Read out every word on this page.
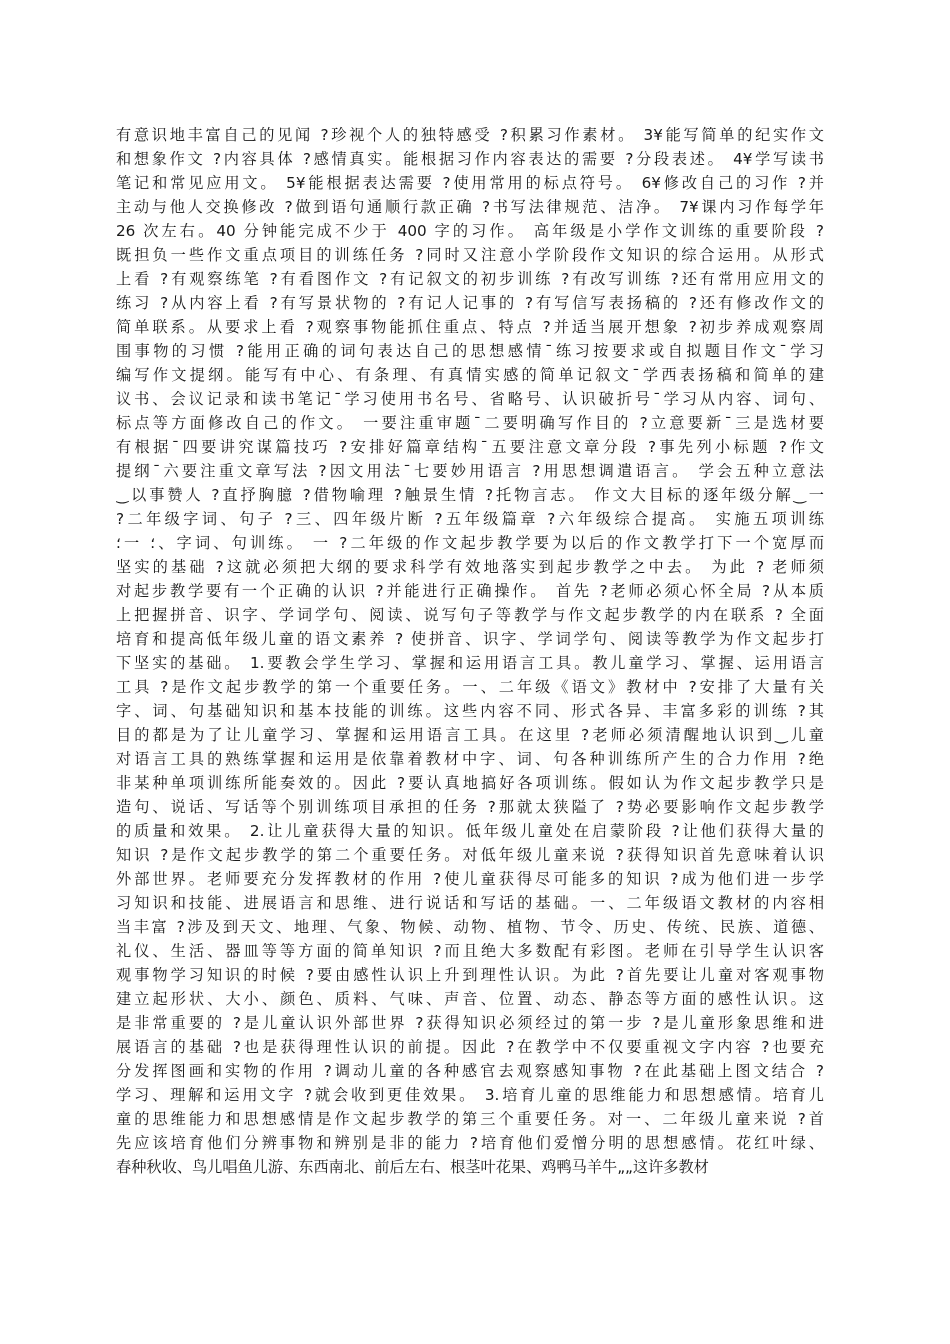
有意识地丰富自己的见闻 ?珍视个人的独特感受 ?积累习作素材。 3¥能写简单的纪实作文
和想象作文 ?内容具体 ?感情真实。能根据习作内容表达的需要 ?分段表述。 4¥学写读书
笔记和常见应用文。 5¥能根据表达需要 ?使用常用的标点符号。 6¥修改自己的习作 ?并
主动与他人交换修改 ?做到语句通顺行款正确 ?书写法律规范、洁净。 7¥课内习作每学年
26 次左右。40 分钟能完成不少于 400 字的习作。 高年级是小学作文训练的重要阶段 ?
既担负一些作文重点项目的训练任务 ?同时又注意小学阶段作文知识的综合运用。从形式
上看 ?有观察练笔 ?有看图作文 ?有记叙文的初步训练 ?有改写训练 ?还有常用应用文的
练习 ?从内容上看 ?有写景状物的 ?有记人记事的 ?有写信写表扬稿的 ?还有修改作文的
简单联系。从要求上看 ?观察事物能抓住重点、特点 ?并适当展开想象 ?初步养成观察周
围事物的习惯 ?能用正确的词句表达自己的思想感情¯练习按要求或自拟题目作文¯学习
编写作文提纲。能写有中心、有条理、有真情实感的简单记叙文¯学西表扬稿和简单的建
议书、会议记录和读书笔记¯学习使用书名号、省略号、认识破折号¯学习从内容、词句、
标点等方面修改自己的作文。 一要注重审题¯二要明确写作目的 ?立意要新¯三是选材要
有根据¯四要讲究谋篇技巧 ?安排好篇章结构¯五要注意文章分段 ?事先列小标题 ?作文
提纲¯六要注重文章写法 ?因文用法¯七要妙用语言 ?用思想调遣语言。 学会五种立意法
‿以事赞人 ?直抒胸臆 ?借物喻理 ?触景生情 ?托物言志。 作文大目标的逐年级分解‿一
?二年级字词、句子 ?三、四年级片断 ?五年级篇章 ?六年级综合提高。 实施五项训练
؛一 ؛、字词、句训练。 一 ?二年级的作文起步教学要为以后的作文教学打下一个宽厚而
坚实的基础 ?这就必须把大纲的要求科学有效地落实到起步教学之中去。 为此 ? 老师须
对起步教学要有一个正确的认识 ?并能进行正确操作。 首先 ?老师必须心怀全局 ?从本质
上把握拼音、识字、学词学句、阅读、说写句子等教学与作文起步教学的内在联系 ? 全面
培育和提高低年级儿童的语文素养 ? 使拼音、识字、学词学句、阅读等教学为作文起步打
下坚实的基础。 1.要教会学生学习、掌握和运用语言工具。教儿童学习、掌握、运用语言
工具 ?是作文起步教学的第一个重要任务。一、二年级《语文》教材中 ?安排了大量有关
字、词、句基础知识和基本技能的训练。这些内容不同、形式各异、丰富多彩的训练 ?其
目的都是为了让儿童学习、掌握和运用语言工具。在这里 ?老师必须清醒地认识到‿儿童
对语言工具的熟练掌握和运用是依靠着教材中字、词、句各种训练所产生的合力作用 ?绝
非某种单项训练所能奏效的。因此 ?要认真地搞好各项训练。假如认为作文起步教学只是
造句、说话、写话等个别训练项目承担的任务 ?那就太狭隘了 ?势必要影响作文起步教学
的质量和效果。 2.让儿童获得大量的知识。低年级儿童处在启蒙阶段 ?让他们获得大量的
知识 ?是作文起步教学的第二个重要任务。对低年级儿童来说 ?获得知识首先意味着认识
外部世界。老师要充分发挥教材的作用 ?使儿童获得尽可能多的知识 ?成为他们进一步学
习知识和技能、进展语言和思维、进行说话和写话的基础。一、二年级语文教材的内容相
当丰富 ?涉及到天文、地理、气象、物候、动物、植物、节令、历史、传统、民族、道德、
礼仪、生活、器皿等等方面的简单知识 ?而且绝大多数配有彩图。老师在引导学生认识客
观事物学习知识的时候 ?要由感性认识上升到理性认识。为此 ?首先要让儿童对客观事物
建立起形状、大小、颜色、质料、气味、声音、位置、动态、静态等方面的感性认识。这
是非常重要的 ?是儿童认识外部世界 ?获得知识必须经过的第一步 ?是儿童形象思维和进
展语言的基础 ?也是获得理性认识的前提。因此 ?在教学中不仅要重视文字内容 ?也要充
分发挥图画和实物的作用 ?调动儿童的各种感官去观察感知事物 ?在此基础上图文结合 ?
学习、理解和运用文字 ?就会收到更佳效果。 3.培育儿童的思维能力和思想感情。培育儿
童的思维能力和思想感情是作文起步教学的第三个重要任务。对一、二年级儿童来说 ?首
先应该培育他们分辨事物和辨别是非的能力 ?培育他们爱憎分明的思想感情。花红叶绿、
春种秋收、鸟儿唱鱼儿游、东西南北、前后左右、根茎叶花果、鸡鸭马羊牛„„这许多教材
